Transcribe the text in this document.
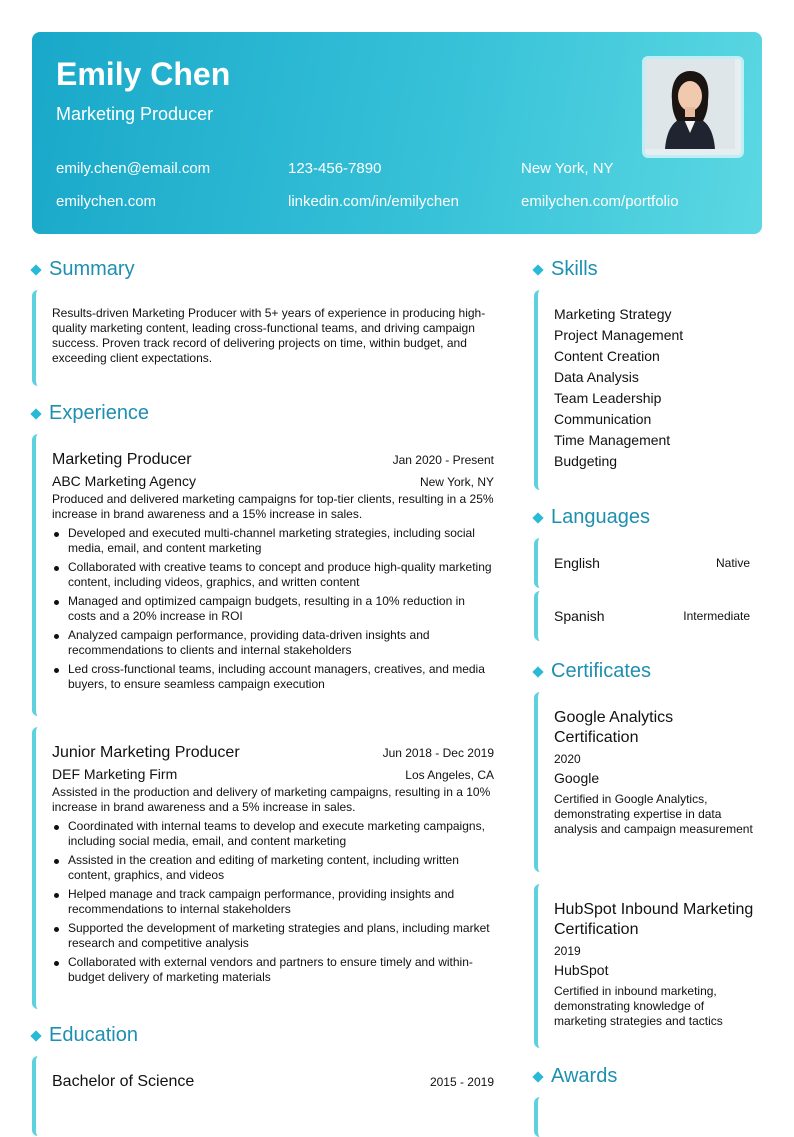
Emily Chen
Marketing Producer
emily.chen@email.com	123-456-7890	New York, NY
emilychen.com	linkedin.com/in/emilychen	emilychen.com/portfolio
Summary
Results-driven Marketing Producer with 5+ years of experience in producing high-quality marketing content, leading cross-functional teams, and driving campaign success. Proven track record of delivering projects on time, within budget, and exceeding client expectations.
Experience
Marketing Producer	Jan 2020 - Present
ABC Marketing Agency	New York, NY
Produced and delivered marketing campaigns for top-tier clients, resulting in a 25% increase in brand awareness and a 15% increase in sales.
Developed and executed multi-channel marketing strategies, including social media, email, and content marketing
Collaborated with creative teams to concept and produce high-quality marketing content, including videos, graphics, and written content
Managed and optimized campaign budgets, resulting in a 10% reduction in costs and a 20% increase in ROI
Analyzed campaign performance, providing data-driven insights and recommendations to clients and internal stakeholders
Led cross-functional teams, including account managers, creatives, and media buyers, to ensure seamless campaign execution
Junior Marketing Producer	Jun 2018 - Dec 2019
DEF Marketing Firm	Los Angeles, CA
Assisted in the production and delivery of marketing campaigns, resulting in a 10% increase in brand awareness and a 5% increase in sales.
Coordinated with internal teams to develop and execute marketing campaigns, including social media, email, and content marketing
Assisted in the creation and editing of marketing content, including written content, graphics, and videos
Helped manage and track campaign performance, providing insights and recommendations to internal stakeholders
Supported the development of marketing strategies and plans, including market research and competitive analysis
Collaborated with external vendors and partners to ensure timely and within-budget delivery of marketing materials
Education
Bachelor of Science	2015 - 2019
Skills
Marketing Strategy
Project Management
Content Creation
Data Analysis
Team Leadership
Communication
Time Management
Budgeting
Languages
English	Native
Spanish	Intermediate
Certificates
Google Analytics Certification
2020
Google
Certified in Google Analytics, demonstrating expertise in data analysis and campaign measurement
HubSpot Inbound Marketing Certification
2019
HubSpot
Certified in inbound marketing, demonstrating knowledge of marketing strategies and tactics
Awards
